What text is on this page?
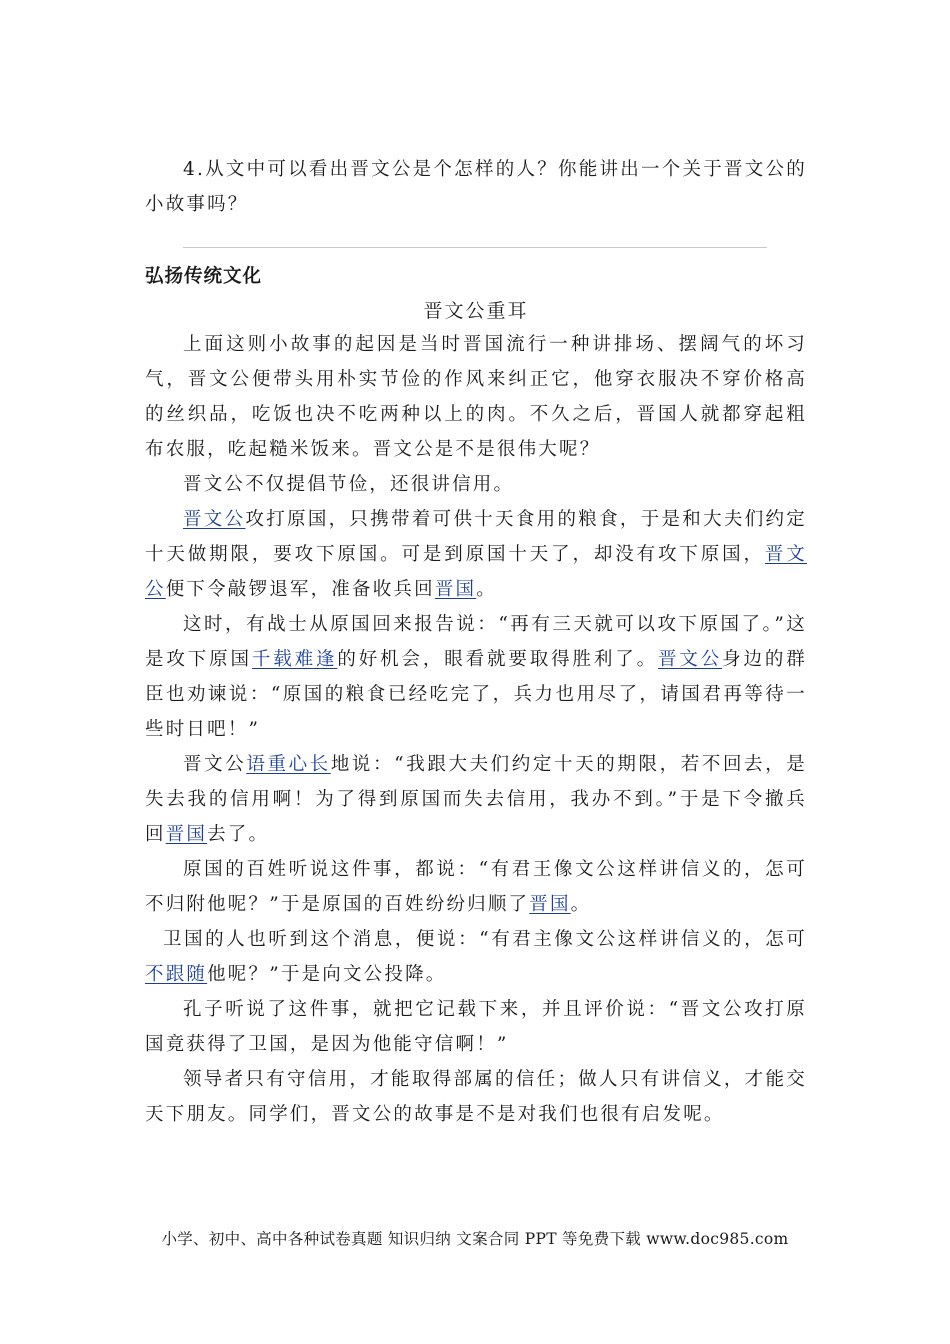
4.从文中可以看出晋文公是个怎样的人？你能讲出一个关于晋文公的小故事吗？

弘扬传统文化
晋文公重耳

上面这则小故事的起因是当时晋国流行一种讲排场、摆阔气的坏习气，晋文公便带头用朴实节俭的作风来纠正它，他穿衣服决不穿价格高的丝织品，吃饭也决不吃两种以上的肉。不久之后，晋国人就都穿起粗布农服，吃起糙米饭来。晋文公是不是很伟大呢？

晋文公不仅提倡节俭，还很讲信用。

晋文公攻打原国，只携带着可供十天食用的粮食，于是和大夫们约定十天做期限，要攻下原国。可是到原国十天了，却没有攻下原国，晋文公便下令敲锣退军，准备收兵回晋国。

这时，有战士从原国回来报告说：“再有三天就可以攻下原国了。”这是攻下原国千载难逢的好机会，眼看就要取得胜利了。晋文公身边的群臣也劝谏说：“原国的粮食已经吃完了，兵力也用尽了，请国君再等待一些时日吧！”

晋文公语重心长地说：“我跟大夫们约定十天的期限，若不回去，是失去我的信用啊！为了得到原国而失去信用，我办不到。”于是下令撤兵回晋国去了。

原国的百姓听说这件事，都说：“有君王像文公这样讲信义的，怎可不归附他呢？”于是原国的百姓纷纷归顺了晋国。

卫国的人也听到这个消息，便说：“有君主像文公这样讲信义的，怎可不跟随他呢？”于是向文公投降。

孔子听说了这件事，就把它记载下来，并且评价说：“晋文公攻打原国竟获得了卫国，是因为他能守信啊！”

领导者只有守信用，才能取得部属的信任；做人只有讲信义，才能交天下朋友。同学们，晋文公的故事是不是对我们也很有启发呢。

小学、初中、高中各种试卷真题 知识归纳 文案合同 PPT 等免费下载 www.doc985.com
